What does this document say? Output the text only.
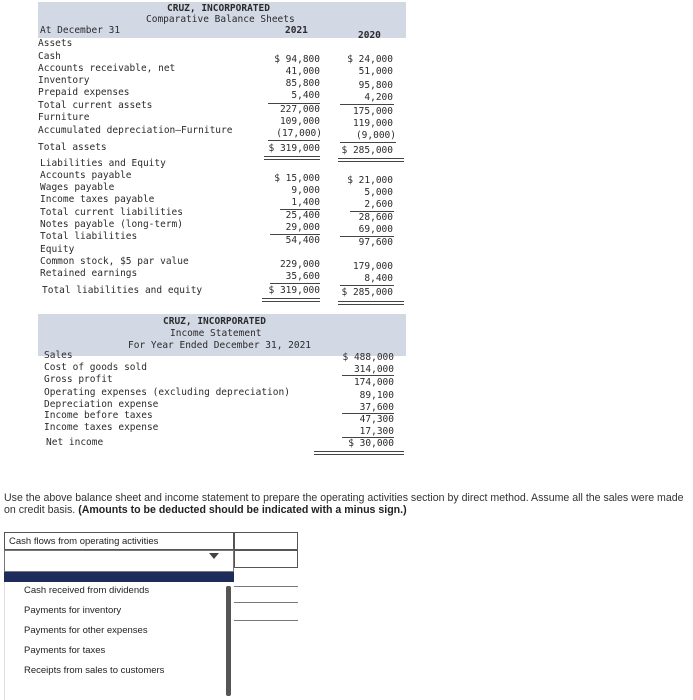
CRUZ, INCORPORATED
Comparative Balance Sheets
At December 31	2021	2020
Assets
Cash	$ 94,800	$ 24,000
Accounts receivable, net	41,000	51,000
Inventory	85,800	95,800
Prepaid expenses	5,400	4,200
Total current assets	227,000	175,000
Furniture	109,000	119,000
Accumulated depreciation—Furniture	(17,000)	(9,000)
Total assets	$ 319,000	$ 285,000
Liabilities and Equity
Accounts payable	$ 15,000	$ 21,000
Wages payable	9,000	5,000
Income taxes payable	1,400	2,600
Total current liabilities	25,400	28,600
Notes payable (long-term)	29,000	69,000
Total liabilities	54,400	97,600
Equity
Common stock, $5 par value	229,000	179,000
Retained earnings	35,600	8,400
Total liabilities and equity	$ 319,000	$ 285,000
CRUZ, INCORPORATED
Income Statement
For Year Ended December 31, 2021
Sales	$ 488,000
Cost of goods sold	314,000
Gross profit	174,000
Operating expenses (excluding depreciation)	89,100
Depreciation expense	37,600
Income before taxes	47,300
Income taxes expense	17,300
Net income	$ 30,000
Use the above balance sheet and income statement to prepare the operating activities section by direct method. Assume all the sales were made on credit basis. (Amounts to be deducted should be indicated with a minus sign.)
Cash flows from operating activities
Cash received from dividends
Payments for inventory
Payments for other expenses
Payments for taxes
Receipts from sales to customers
